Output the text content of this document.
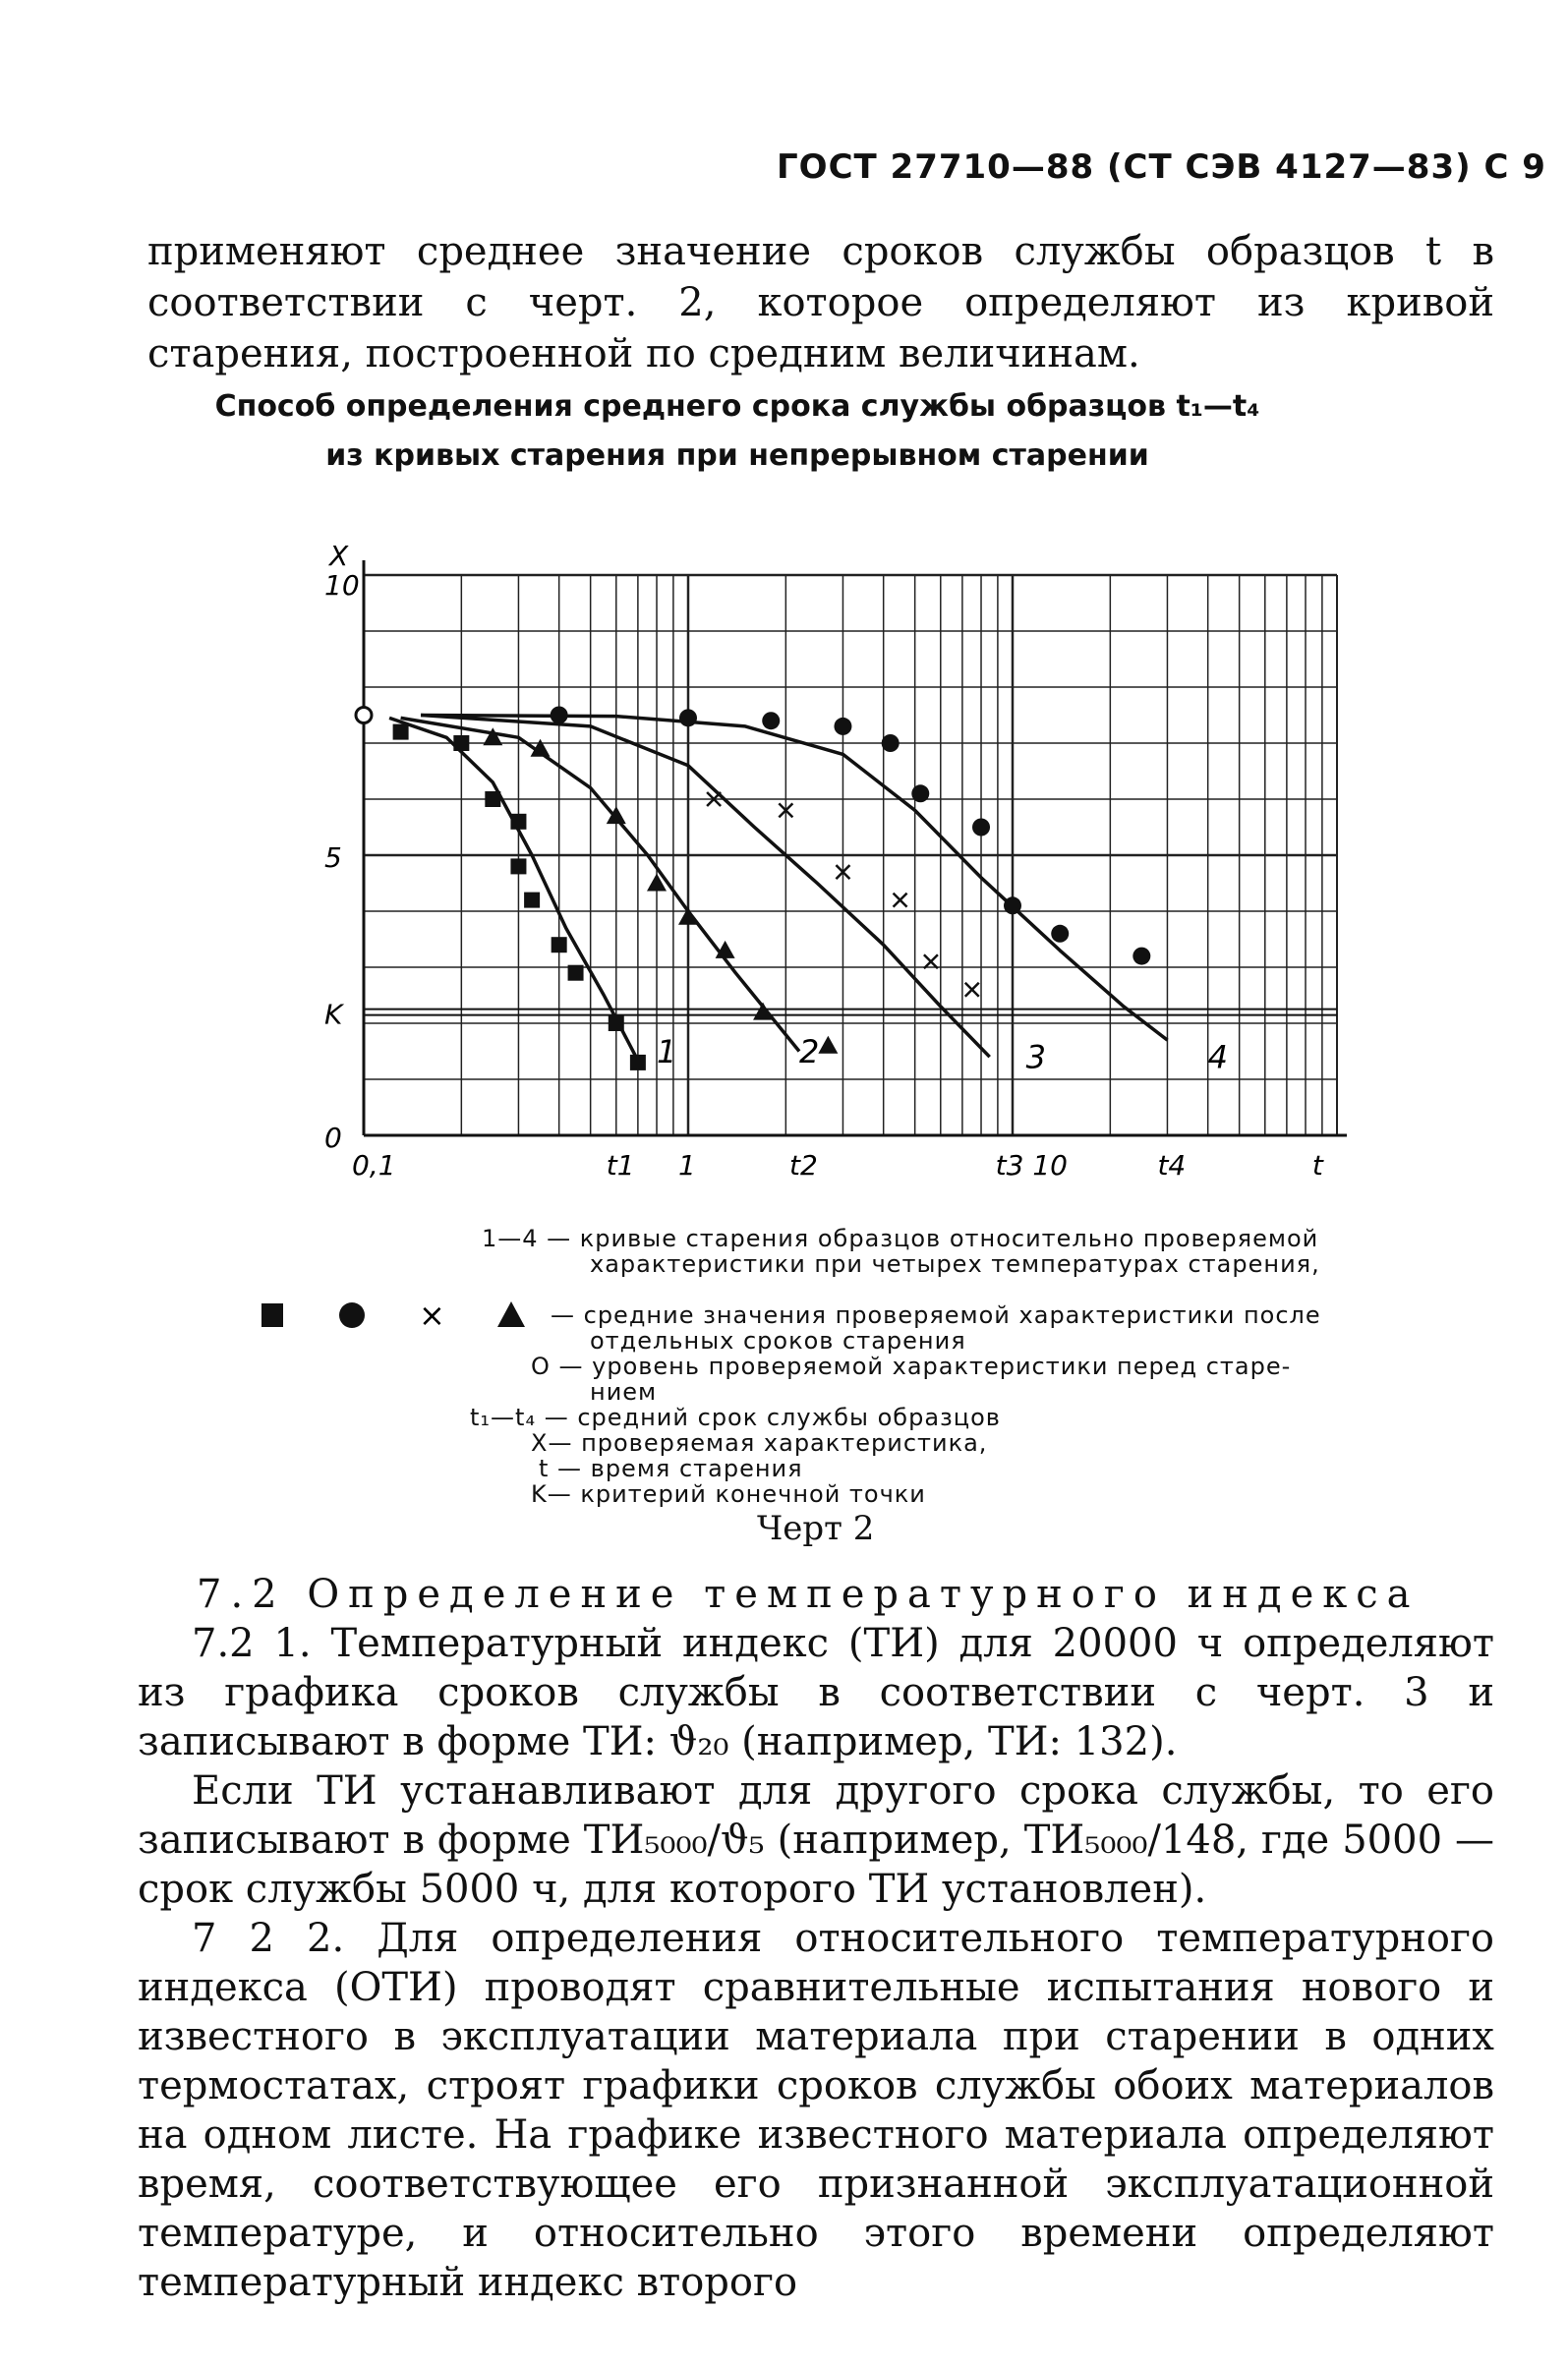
ГОСТ 27710—88 (СТ СЭВ 4127—83) С 9
применяют среднее значение сроков службы образцов t в соответствии с черт. 2, которое определяют из кривой старения, построенной по средним величинам.
Способ определения среднего срока службы образцов t₁—t₄
из кривых старения при непрерывном старении
10
5
K
0
X
0,1	t1 1	t2	t3 10	t4	t
1	2	3	4
1—4 — кривые старения образцов относительно проверяемой
характеристики при четырех температурах старения,
×	— средние значения проверяемой характеристики после
отдельных сроков старения
О — уровень проверяемой характеристики перед старе-
нием
t₁—t₄ — средний срок службы образцов
X— проверяемая характеристика,
t — время старения
K— критерий конечной точки
Черт 2
7.2 Определение температурного индекса
7.2 1. Температурный индекс (ТИ) для 20000 ч определяют из графика сроков службы в соответствии с черт. 3 и записывают в форме ТИ: ϑ₂₀ (например, ТИ: 132).
Если ТИ устанавливают для другого срока службы, то его записывают в форме ТИ₅₀₀₀/ϑ₅ (например, ТИ₅₀₀₀/148, где 5000 — срок службы 5000 ч, для которого ТИ установлен).
7 2 2. Для определения относительного температурного индекса (ОТИ) проводят сравнительные испытания нового и известного в эксплуатации материала при старении в одних термостатах, строят графики сроков службы обоих материалов на одном листе. На графике известного материала определяют время, соответствующее его признанной эксплуатационной температуре, и относительно этого времени определяют температурный индекс второго
